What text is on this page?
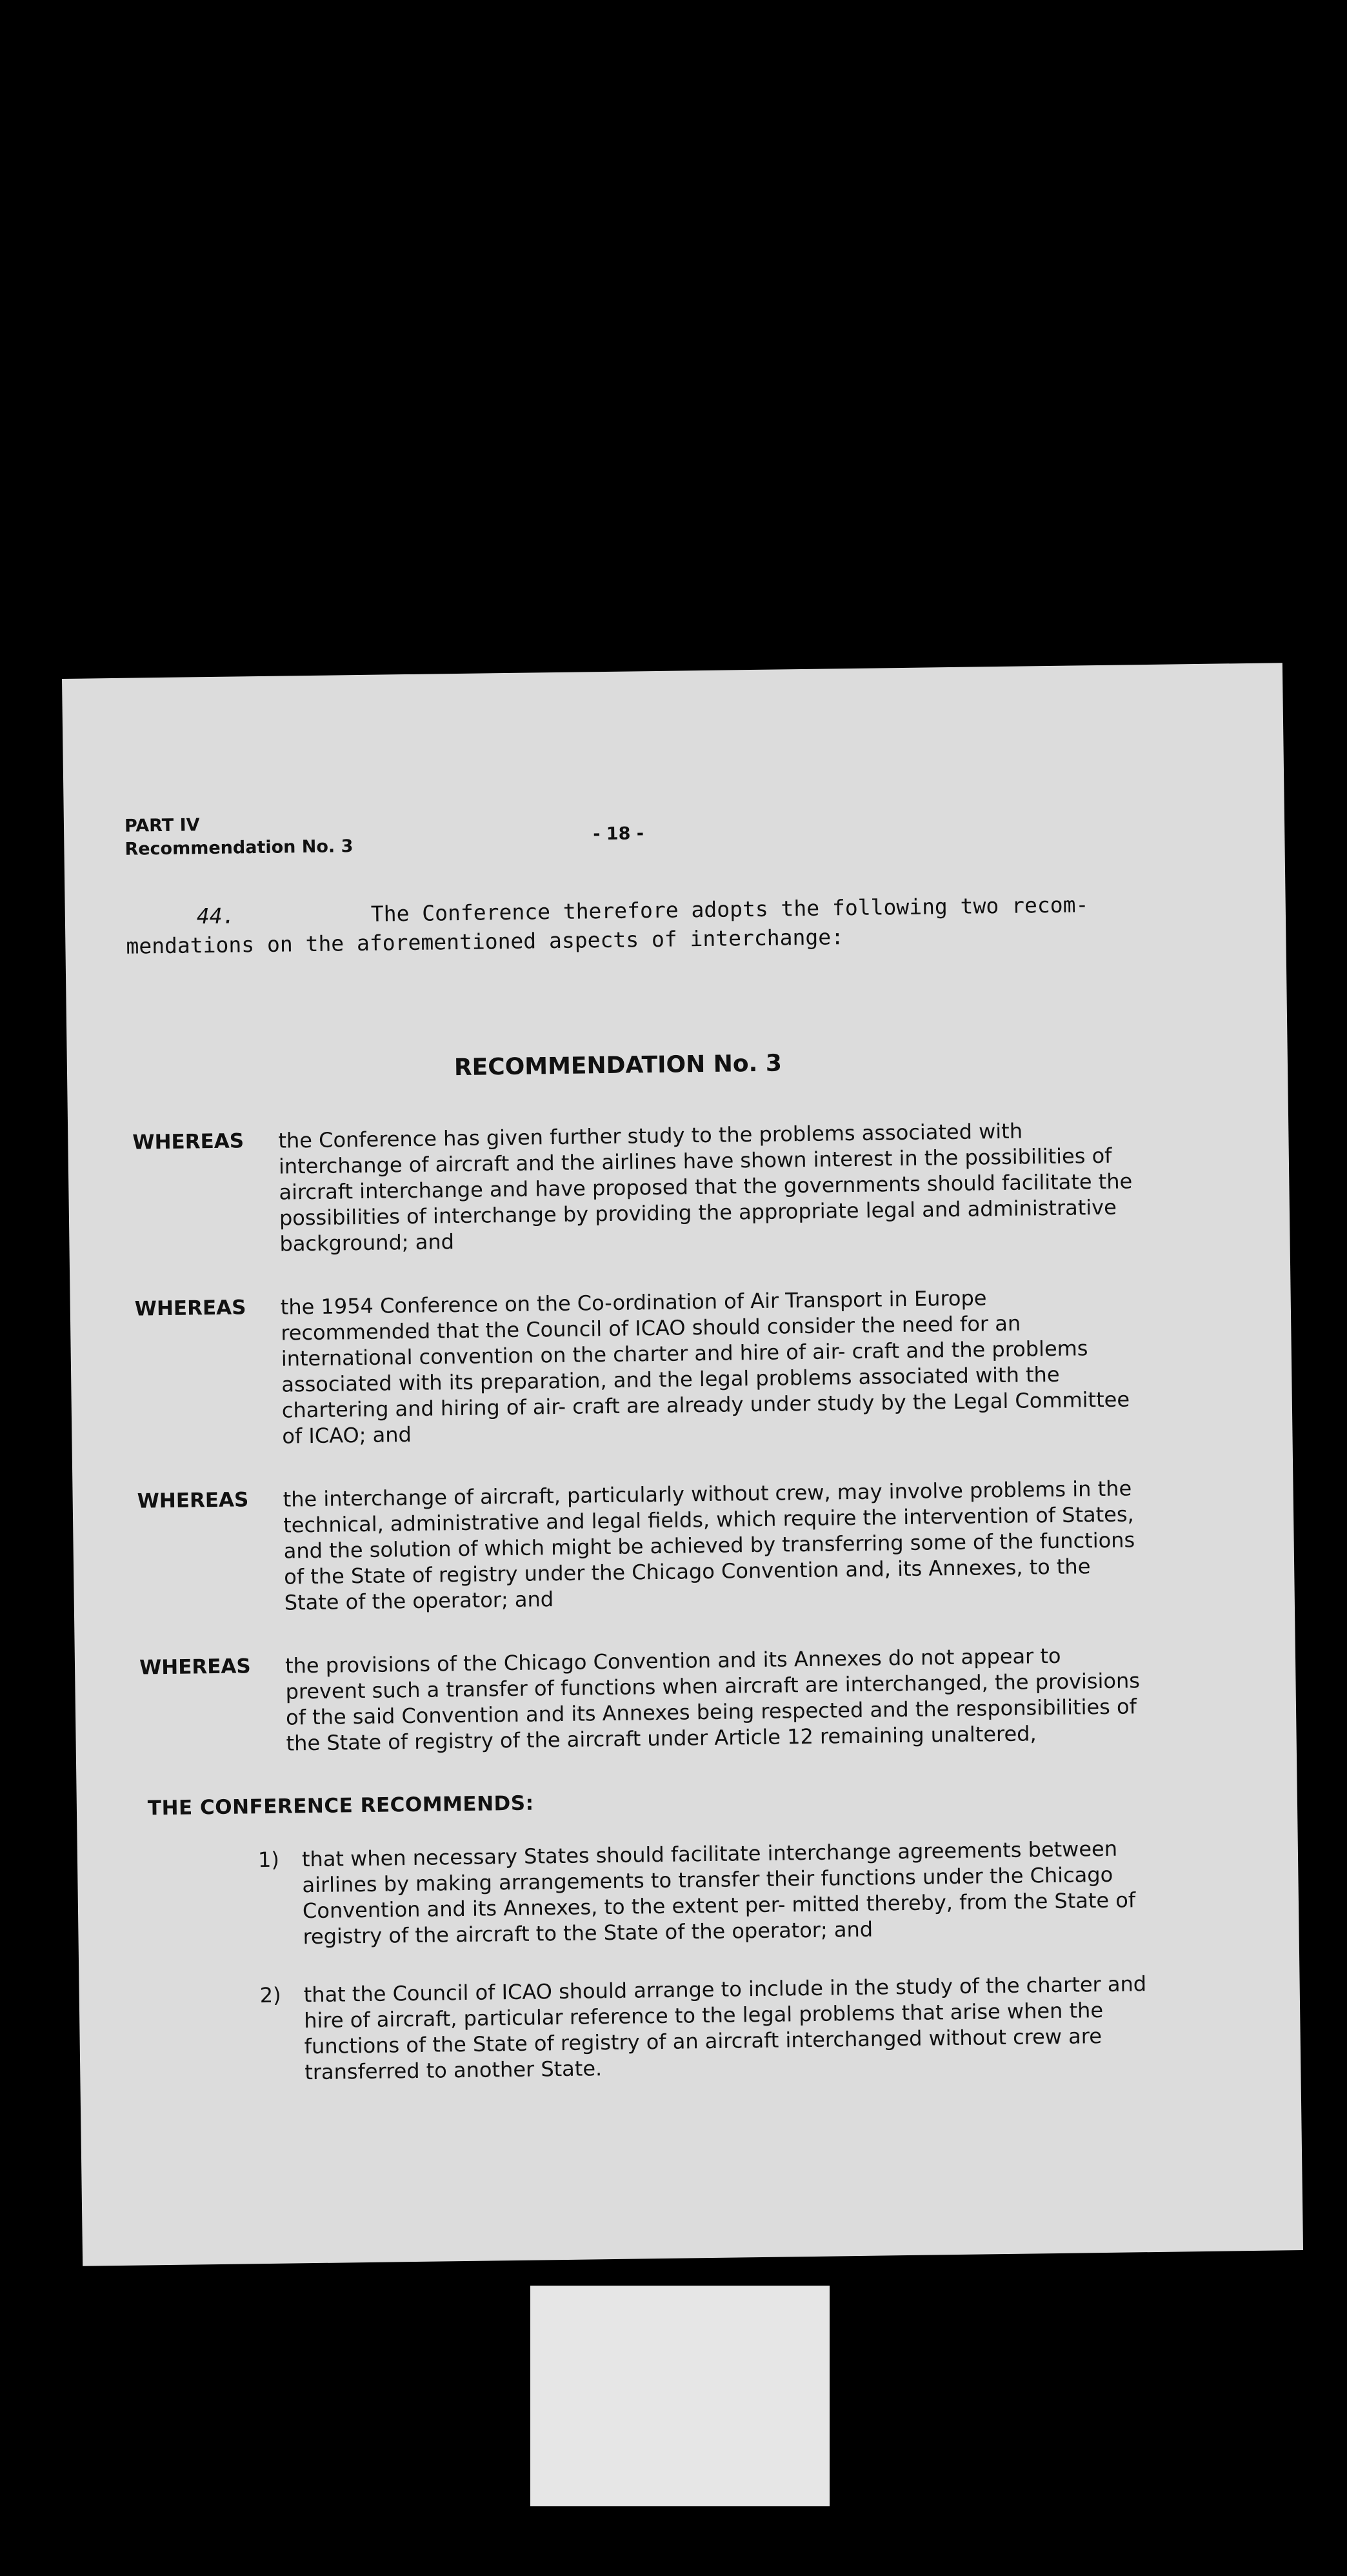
PART IV
Recommendation No. 3
- 18 -
44.	The Conference therefore adopts the following two recom- mendations on the aforementioned aspects of interchange:
RECOMMENDATION No. 3
WHEREAS	the Conference has given further study to the problems associated with interchange of aircraft and the airlines have shown interest in the possibilities of aircraft interchange and have proposed that the governments should facilitate the possibilities of interchange by providing the appropriate legal and administrative background; and
WHEREAS	the 1954 Conference on the Co-ordination of Air Transport in Europe recommended that the Council of ICAO should consider the need for an international convention on the charter and hire of air- craft and the problems associated with its preparation, and the legal problems associated with the chartering and hiring of air- craft are already under study by the Legal Committee of ICAO; and
WHEREAS	the interchange of aircraft, particularly without crew, may involve problems in the technical, administrative and legal fields, which require the intervention of States, and the solution of which might be achieved by transferring some of the functions of the State of registry under the Chicago Convention and, its Annexes, to the State of the operator; and
WHEREAS	the provisions of the Chicago Convention and its Annexes do not appear to prevent such a transfer of functions when aircraft are interchanged, the provisions of the said Convention and its Annexes being respected and the responsibilities of the State of registry of the aircraft under Article 12 remaining unaltered,
THE CONFERENCE RECOMMENDS:
1)	that when necessary States should facilitate interchange agreements between airlines by making arrangements to transfer their functions under the Chicago Convention and its Annexes, to the extent per- mitted thereby, from the State of registry of the aircraft to the State of the operator; and
2)	that the Council of ICAO should arrange to include in the study of the charter and hire of aircraft, particular reference to the legal problems that arise when the functions of the State of registry of an aircraft interchanged without crew are transferred to another State.
